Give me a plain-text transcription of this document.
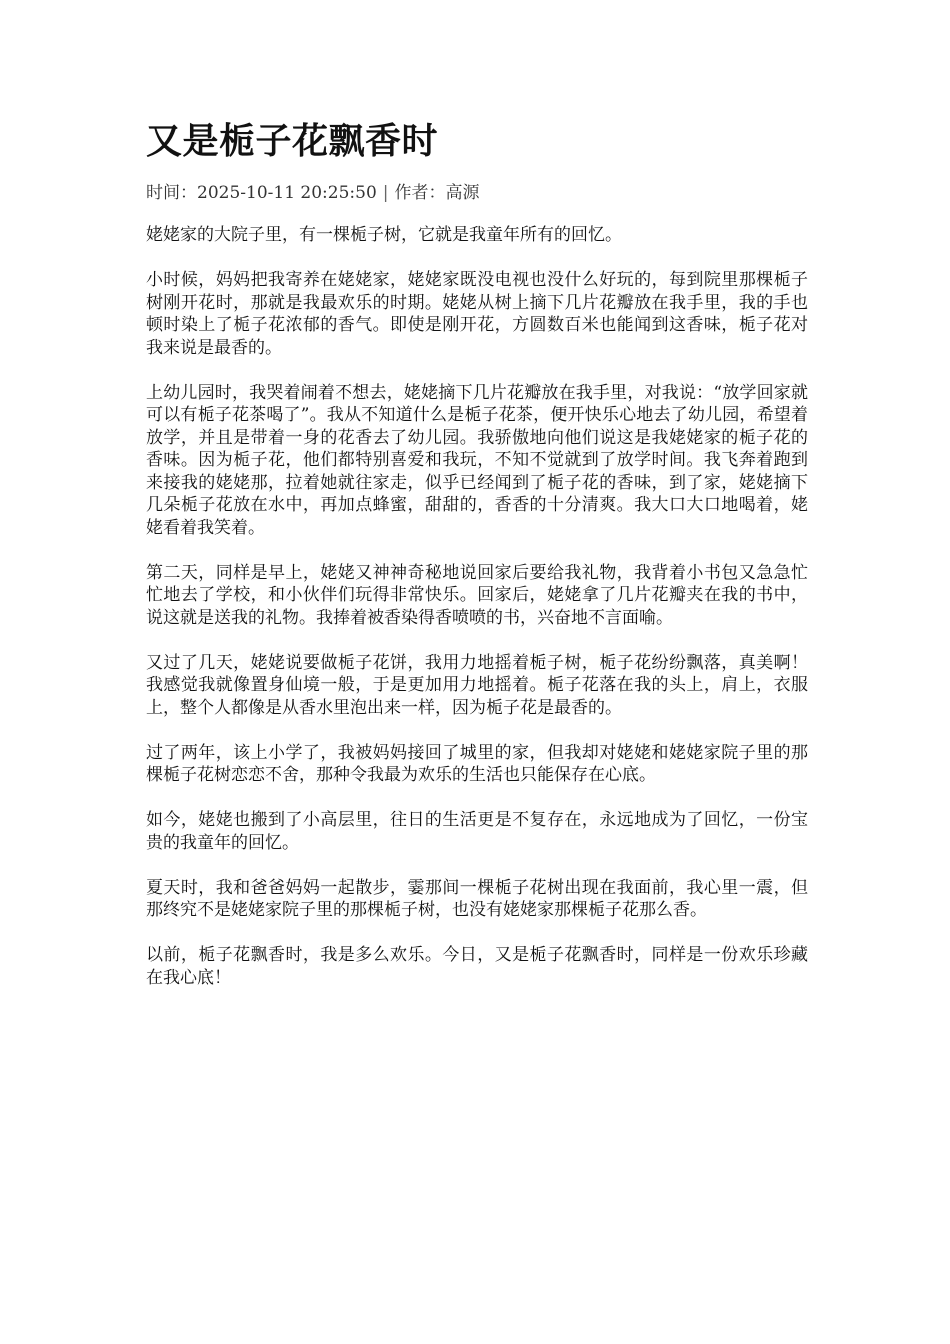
又是栀子花飘香时
时间：2025-10-11 20:25:50 | 作者：高源

姥姥家的大院子里，有一棵栀子树，它就是我童年所有的回忆。

小时候，妈妈把我寄养在姥姥家，姥姥家既没电视也没什么好玩的，每到院里那棵栀子树刚开花时，那就是我最欢乐的时期。姥姥从树上摘下几片花瓣放在我手里，我的手也顿时染上了栀子花浓郁的香气。即使是刚开花，方圆数百米也能闻到这香味，栀子花对我来说是最香的。

上幼儿园时，我哭着闹着不想去，姥姥摘下几片花瓣放在我手里，对我说：“放学回家就可以有栀子花茶喝了”。我从不知道什么是栀子花茶，便开快乐心地去了幼儿园，希望着放学，并且是带着一身的花香去了幼儿园。我骄傲地向他们说这是我姥姥家的栀子花的香味。因为栀子花，他们都特别喜爱和我玩，不知不觉就到了放学时间。我飞奔着跑到来接我的姥姥那，拉着她就往家走，似乎已经闻到了栀子花的香味，到了家，姥姥摘下几朵栀子花放在水中，再加点蜂蜜，甜甜的，香香的十分清爽。我大口大口地喝着，姥姥看着我笑着。

第二天，同样是早上，姥姥又神神奇秘地说回家后要给我礼物，我背着小书包又急急忙忙地去了学校，和小伙伴们玩得非常快乐。回家后，姥姥拿了几片花瓣夹在我的书中，说这就是送我的礼物。我捧着被香染得香喷喷的书，兴奋地不言面喻。

又过了几天，姥姥说要做栀子花饼，我用力地摇着栀子树，栀子花纷纷飘落，真美啊！我感觉我就像置身仙境一般，于是更加用力地摇着。栀子花落在我的头上，肩上，衣服上，整个人都像是从香水里泡出来一样，因为栀子花是最香的。

过了两年，该上小学了，我被妈妈接回了城里的家，但我却对姥姥和姥姥家院子里的那棵栀子花树恋恋不舍，那种令我最为欢乐的生活也只能保存在心底。

如今，姥姥也搬到了小高层里，往日的生活更是不复存在，永远地成为了回忆，一份宝贵的我童年的回忆。

夏天时，我和爸爸妈妈一起散步，霎那间一棵栀子花树出现在我面前，我心里一震，但那终究不是姥姥家院子里的那棵栀子树，也没有姥姥家那棵栀子花那么香。

以前，栀子花飘香时，我是多么欢乐。今日，又是栀子花飘香时，同样是一份欢乐珍藏在我心底！
